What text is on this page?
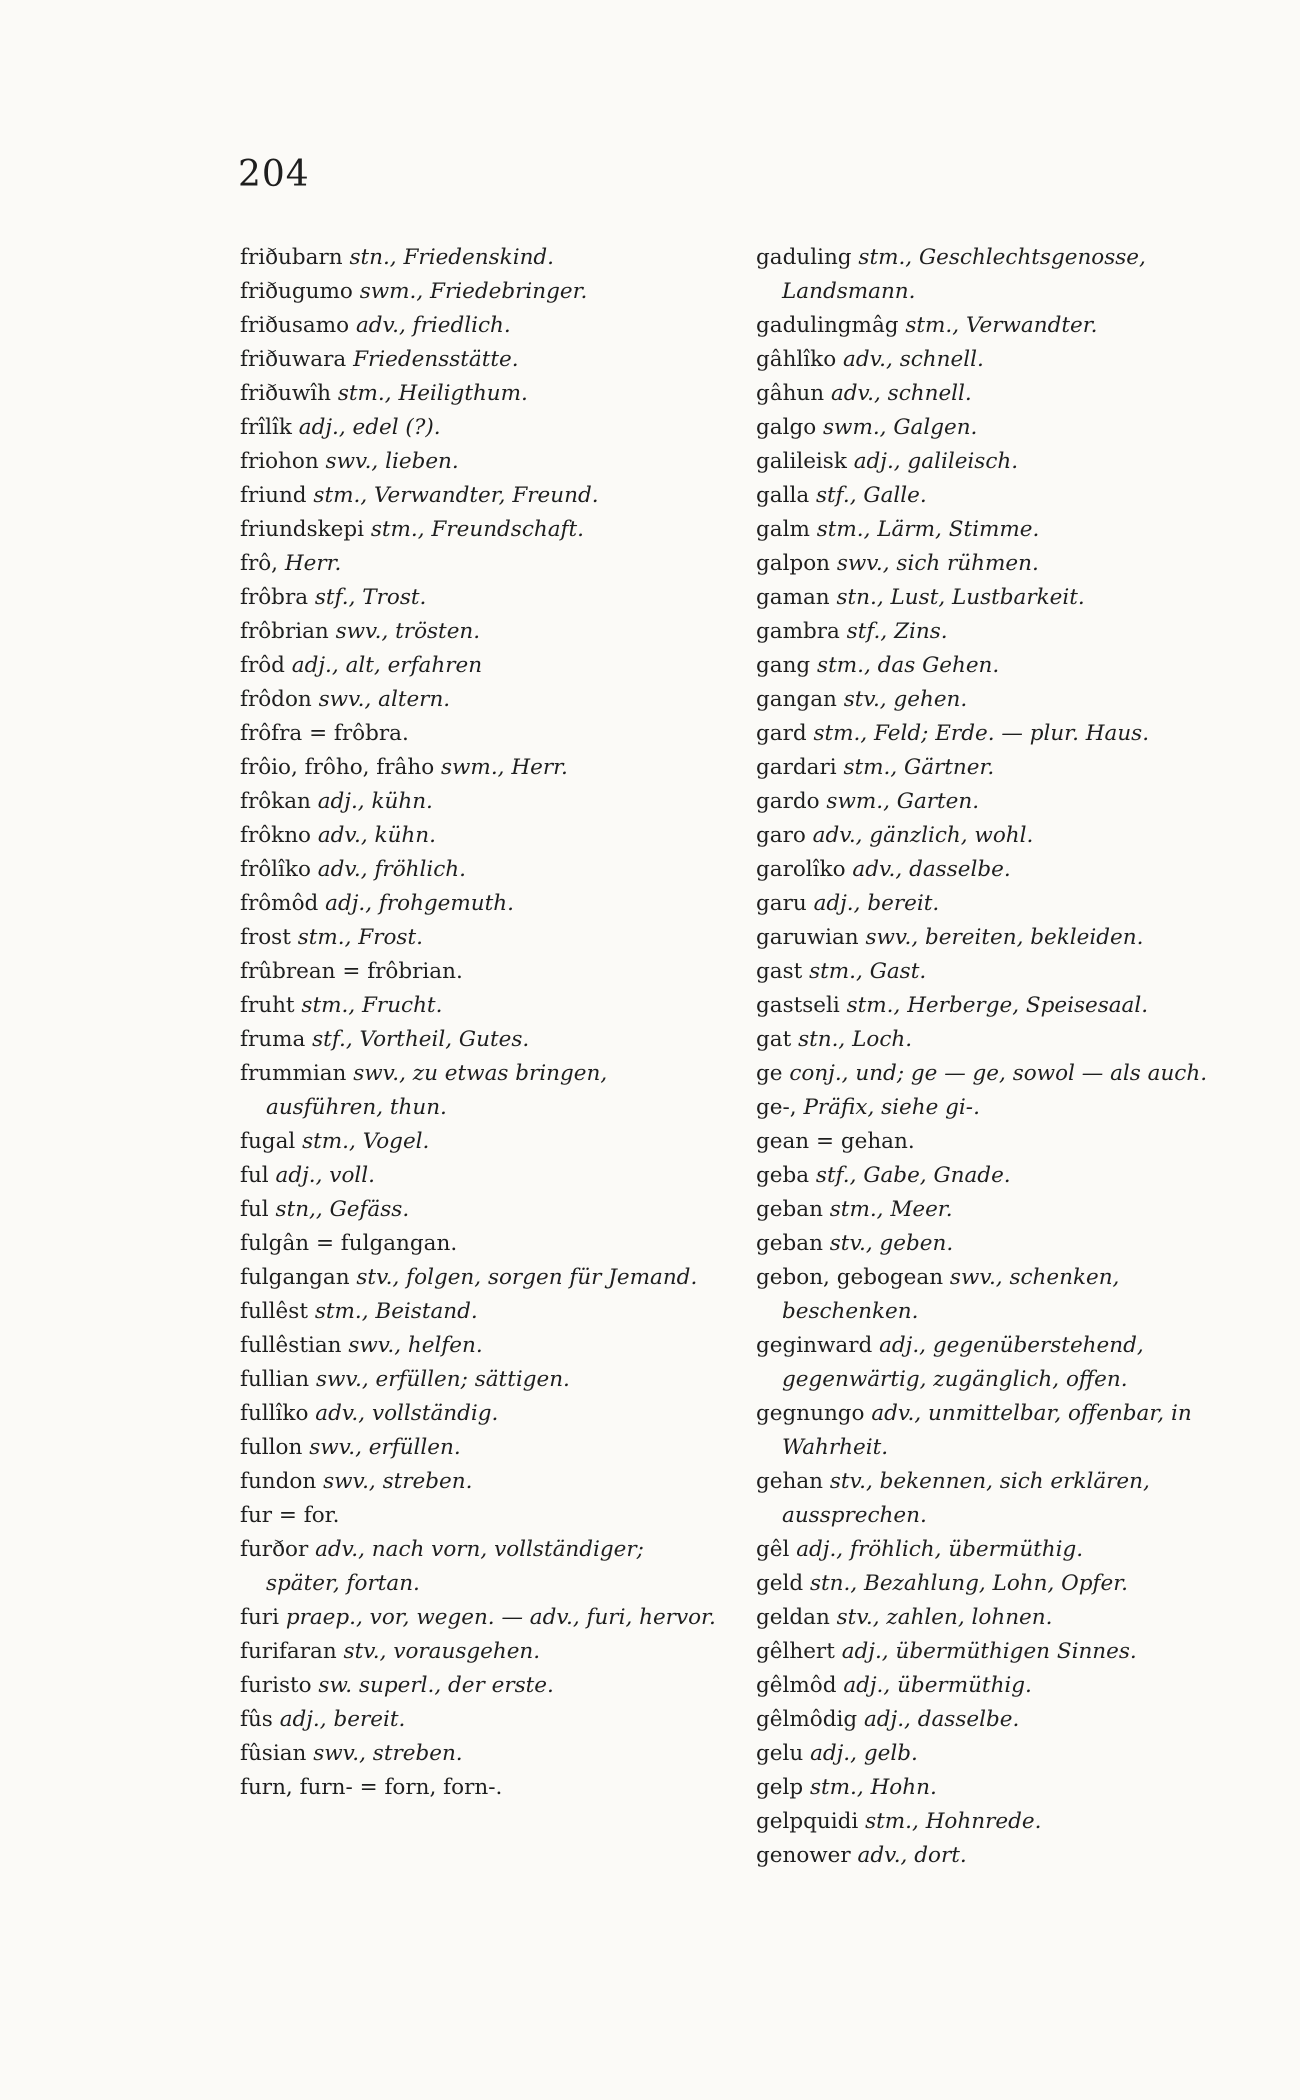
204
friðubarn stn., Friedenskind.
friðugumo swm., Friedebringer.
friðusamo adv., friedlich.
friðuwara Friedensstätte.
friðuwîh stm., Heiligthum.
frîlîk adj., edel (?).
friohon swv., lieben.
friund stm., Verwandter, Freund.
friundskepi stm., Freundschaft.
frô, Herr.
frôbra stf., Trost.
frôbrian swv., trösten.
frôd adj., alt, erfahren
frôdon swv., altern.
frôfra = frôbra.
frôio, frôho, frâho swm., Herr.
frôkan adj., kühn.
frôkno adv., kühn.
frôlîko adv., fröhlich.
frômôd adj., frohgemuth.
frost stm., Frost.
frûbrean = frôbrian.
fruht stm., Frucht.
fruma stf., Vortheil, Gutes.
frummian swv., zu etwas bringen, ausführen, thun.
fugal stm., Vogel.
ful adj., voll.
ful stn,, Gefäss.
fulgân = fulgangan.
fulgangan stv., folgen, sorgen für Jemand.
fullêst stm., Beistand.
fullêstian swv., helfen.
fullian swv., erfüllen; sättigen.
fullîko adv., vollständig.
fullon swv., erfüllen.
fundon swv., streben.
fur = for.
furðor adv., nach vorn, vollständiger; später, fortan.
furi praep., vor, wegen. — adv., furi, hervor.
furifaran stv., vorausgehen.
furisto sw. superl., der erste.
fûs adj., bereit.
fûsian swv., streben.
furn, furn- = forn, forn-.
gaduling stm., Geschlechtsgenosse, Landsmann.
gadulingmâg stm., Verwandter.
gâhlîko adv., schnell.
gâhun adv., schnell.
galgo swm., Galgen.
galileisk adj., galileisch.
galla stf., Galle.
galm stm., Lärm, Stimme.
galpon swv., sich rühmen.
gaman stn., Lust, Lustbarkeit.
gambra stf., Zins.
gang stm., das Gehen.
gangan stv., gehen.
gard stm., Feld; Erde. — plur. Haus.
gardari stm., Gärtner.
gardo swm., Garten.
garo adv., gänzlich, wohl.
garolîko adv., dasselbe.
garu adj., bereit.
garuwian swv., bereiten, bekleiden.
gast stm., Gast.
gastseli stm., Herberge, Speisesaal.
gat stn., Loch.
ge conj., und; ge — ge, sowol — als auch.
ge-, Präfix, siehe gi-.
gean = gehan.
geba stf., Gabe, Gnade.
geban stm., Meer.
geban stv., geben.
gebon, gebogean swv., schenken, beschenken.
geginward adj., gegenüberstehend, gegenwärtig, zugänglich, offen.
gegnungo adv., unmittelbar, offenbar, in Wahrheit.
gehan stv., bekennen, sich erklären, aussprechen.
gêl adj., fröhlich, übermüthig.
geld stn., Bezahlung, Lohn, Opfer.
geldan stv., zahlen, lohnen.
gêlhert adj., übermüthigen Sinnes.
gêlmôd adj., übermüthig.
gêlmôdig adj., dasselbe.
gelu adj., gelb.
gelp stm., Hohn.
gelpquidi stm., Hohnrede.
genower adv., dort.
